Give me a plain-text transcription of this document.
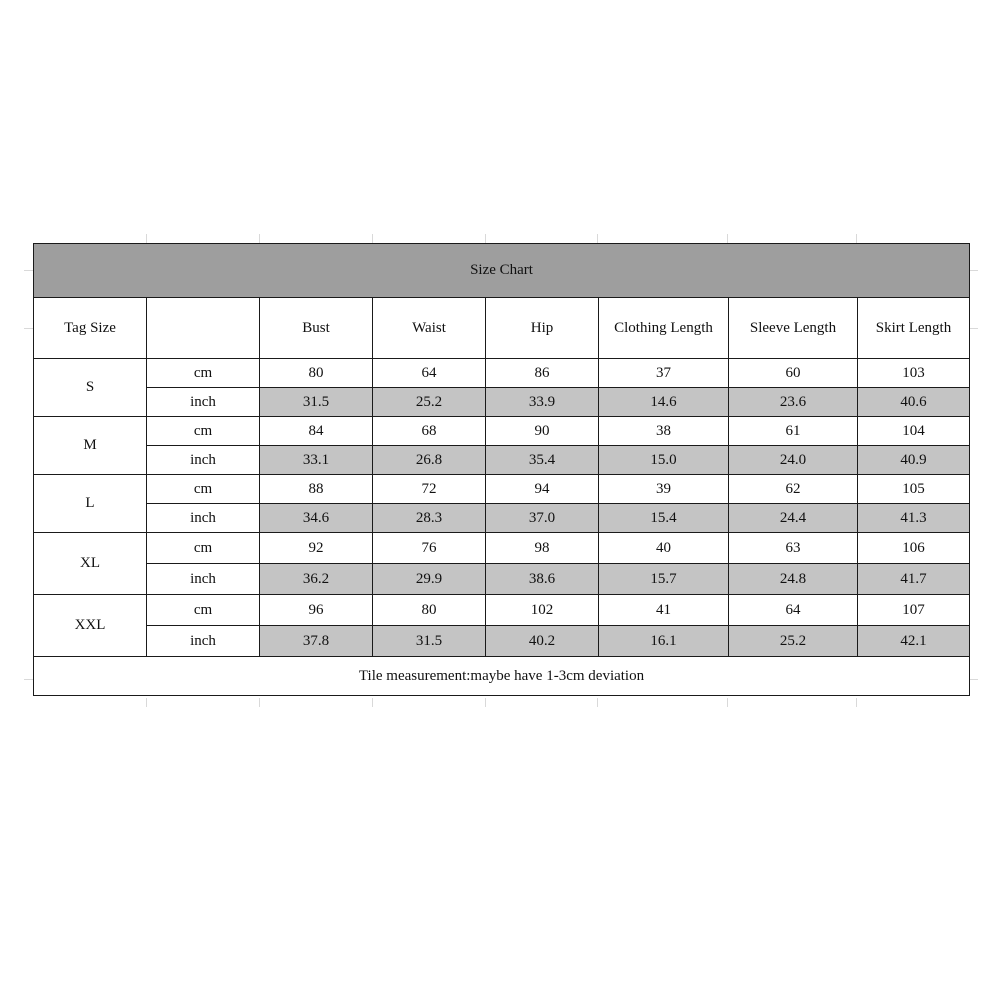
Size Chart							
Tag Size		Bust	Waist	Hip	Clothing Length	Sleeve Length	Skirt Length
S	cm	80	64	86	37	60	103
	inch	31.5	25.2	33.9	14.6	23.6	40.6
M	cm	84	68	90	38	61	104
	inch	33.1	26.8	35.4	15.0	24.0	40.9
L	cm	88	72	94	39	62	105
	inch	34.6	28.3	37.0	15.4	24.4	41.3
XL	cm	92	76	98	40	63	106
	inch	36.2	29.9	38.6	15.7	24.8	41.7
XXL	cm	96	80	102	41	64	107
	inch	37.8	31.5	40.2	16.1	25.2	42.1
Tile measurement:maybe have 1-3cm deviation							
